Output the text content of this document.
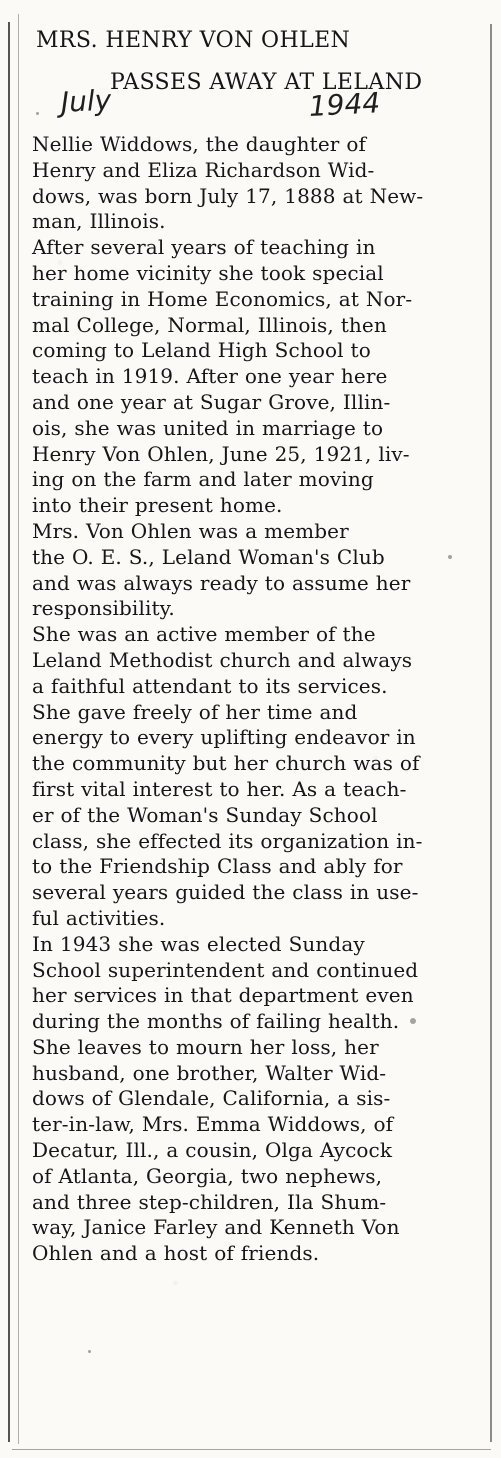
MRS. HENRY VON OHLEN
PASSES AWAY AT LELAND
July	1944
Nellie Widdows, the daughter of
Henry and Eliza Richardson Wid-
dows, was born July 17, 1888 at New-
man, Illinois.
After several years of teaching in
her home vicinity she took special
training in Home Economics, at Nor-
mal College, Normal, Illinois, then
coming to Leland High School to
teach in 1919. After one year here
and one year at Sugar Grove, Illin-
ois, she was united in marriage to
Henry Von Ohlen, June 25, 1921, liv-
ing on the farm and later moving
into their present home.
Mrs. Von Ohlen was a member
the O. E. S., Leland Woman's Club
and was always ready to assume her
responsibility.
She was an active member of the
Leland Methodist church and always
a faithful attendant to its services.
She gave freely of her time and
energy to every uplifting endeavor in
the community but her church was of
first vital interest to her. As a teach-
er of the Woman's Sunday School
class, she effected its organization in-
to the Friendship Class and ably for
several years guided the class in use-
ful activities.
In 1943 she was elected Sunday
School superintendent and continued
her services in that department even
during the months of failing health.
She leaves to mourn her loss, her
husband, one brother, Walter Wid-
dows of Glendale, California, a sis-
ter-in-law, Mrs. Emma Widdows, of
Decatur, Ill., a cousin, Olga Aycock
of Atlanta, Georgia, two nephews,
and three step-children, Ila Shum-
way, Janice Farley and Kenneth Von
Ohlen and a host of friends.
